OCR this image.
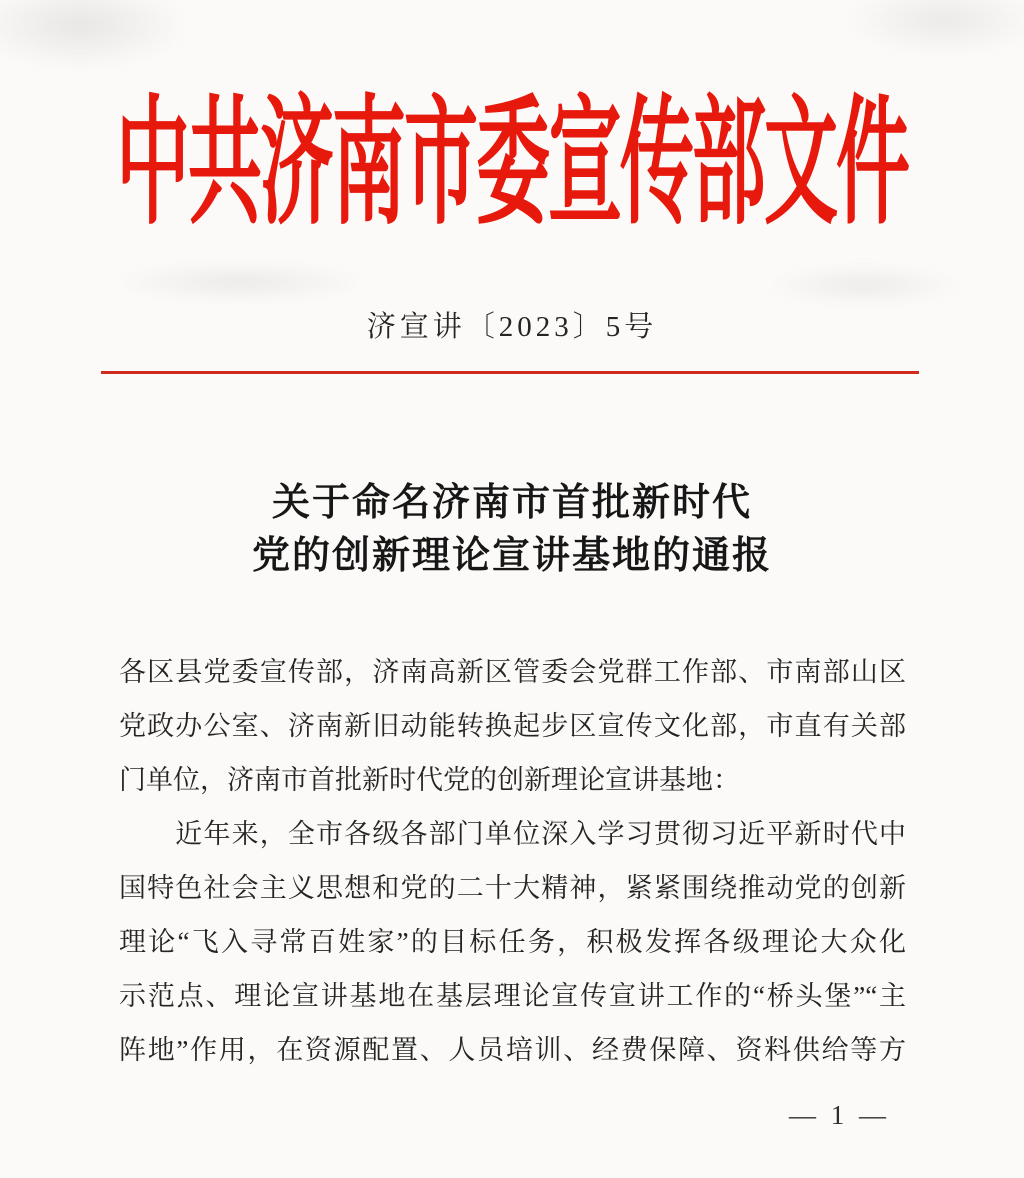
中共济南市委宣传部文件
济宣讲〔2023〕5号
关于命名济南市首批新时代
党的创新理论宣讲基地的通报
各区县党委宣传部，济南高新区管委会党群工作部、市南部山区
党政办公室、济南新旧动能转换起步区宣传文化部，市直有关部
门单位，济南市首批新时代党的创新理论宣讲基地：
　　近年来，全市各级各部门单位深入学习贯彻习近平新时代中
国特色社会主义思想和党的二十大精神，紧紧围绕推动党的创新
理论“飞入寻常百姓家”的目标任务，积极发挥各级理论大众化
示范点、理论宣讲基地在基层理论宣传宣讲工作的“桥头堡”“主
阵地”作用，在资源配置、人员培训、经费保障、资料供给等方
— 1 —
